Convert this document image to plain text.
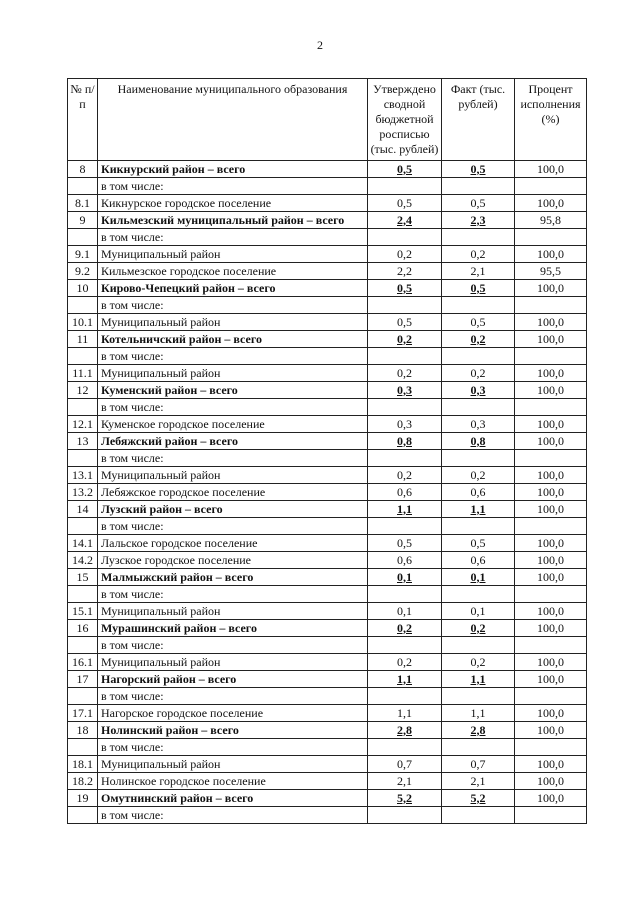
2
№ п/п	Наименование муниципального образования	Утверждено сводной бюджетной росписью (тыс. рублей)	Факт (тыс. рублей)	Процент исполнения (%)
8	Кикнурский район – всего	0,5	0,5	100,0
	в том числе:			
8.1	Кикнурское городское поселение	0,5	0,5	100,0
9	Кильмезский муниципальный район – всего	2,4	2,3	95,8
	в том числе:			
9.1	Муниципальный район	0,2	0,2	100,0
9.2	Кильмезское городское поселение	2,2	2,1	95,5
10	Кирово-Чепецкий район – всего	0,5	0,5	100,0
	в том числе:			
10.1	Муниципальный район	0,5	0,5	100,0
11	Котельничский район – всего	0,2	0,2	100,0
	в том числе:			
11.1	Муниципальный район	0,2	0,2	100,0
12	Куменский район – всего	0,3	0,3	100,0
	в том числе:			
12.1	Куменское городское поселение	0,3	0,3	100,0
13	Лебяжский район – всего	0,8	0,8	100,0
	в том числе:			
13.1	Муниципальный район	0,2	0,2	100,0
13.2	Лебяжское городское поселение	0,6	0,6	100,0
14	Лузский район – всего	1,1	1,1	100,0
	в том числе:			
14.1	Лальское городское поселение	0,5	0,5	100,0
14.2	Лузское городское поселение	0,6	0,6	100,0
15	Малмыжский район – всего	0,1	0,1	100,0
	в том числе:			
15.1	Муниципальный район	0,1	0,1	100,0
16	Мурашинский район – всего	0,2	0,2	100,0
	в том числе:			
16.1	Муниципальный район	0,2	0,2	100,0
17	Нагорский район – всего	1,1	1,1	100,0
	в том числе:			
17.1	Нагорское городское поселение	1,1	1,1	100,0
18	Нолинский район – всего	2,8	2,8	100,0
	в том числе:			
18.1	Муниципальный район	0,7	0,7	100,0
18.2	Нолинское городское поселение	2,1	2,1	100,0
19	Омутнинский район – всего	5,2	5,2	100,0
	в том числе:			
